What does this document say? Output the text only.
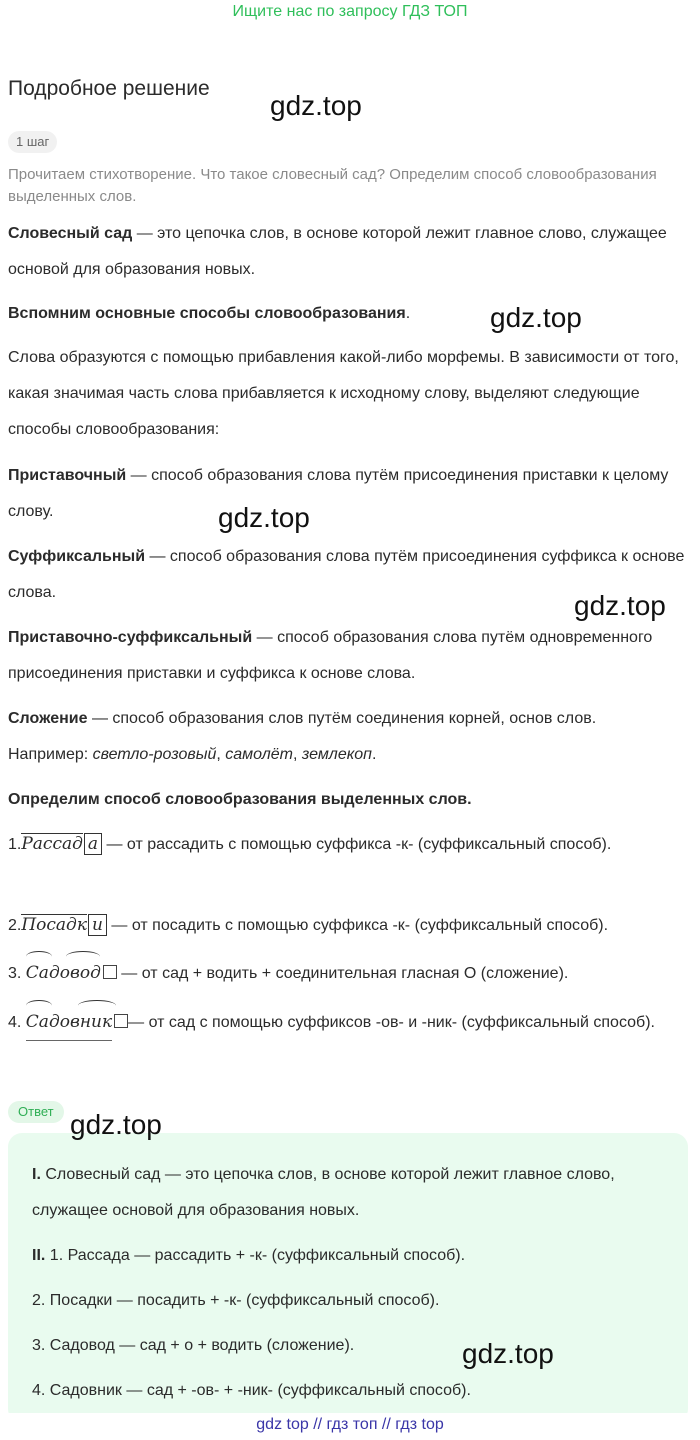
Ищите нас по запросу ГДЗ ТОП
Подробное решение
1 шаг
Прочитаем стихотворение. Что такое словесный сад? Определим способ словообразования выделенных слов.
Словесный сад — это цепочка слов, в основе которой лежит главное слово, служащее основой для образования новых.
Вспомним основные способы словообразования.
Слова образуются с помощью прибавления какой-либо морфемы. В зависимости от того, какая значимая часть слова прибавляется к исходному слову, выделяют следующие способы словообразования:
Приставочный — способ образования слова путём присоединения приставки к целому слову.
Суффиксальный — способ образования слова путём присоединения суффикса к основе слова.
Приставочно-суффиксальный — способ образования слова путём одновременного присоединения приставки и суффикса к основе слова.
Сложение — способ образования слов путём соединения корней, основ слов.
Например: светло-розовый, самолёт, землекоп.
Определим способ словообразования выделенных слов.
1.Рассад а — от рассадить с помощью суффикса -к- (суффиксальный способ).
2.Посадк и — от посадить с помощью суффикса -к- (суффиксальный способ).
3. Садовод
— от сад + водить + соединительная гласная О (сложение).
4. Садовник — от сад с помощью суффиксов -ов- и -ник- (суффиксальный способ).
Ответ
I. Словесный сад — это цепочка слов, в основе которой лежит главное слово, служащее основой для образования новых.
II. 1. Рассада — рассадить + -к- (суффиксальный способ).
2. Посадки — посадить + -к- (суффиксальный способ).
3. Садовод — сад + о + водить (сложение).
4. Садовник — сад + -ов- + -ник- (суффиксальный способ).
gdz.top
gdz.top
gdz.top
gdz.top
gdz.top
gdz.top
gdz top // гдз топ // гдз top
